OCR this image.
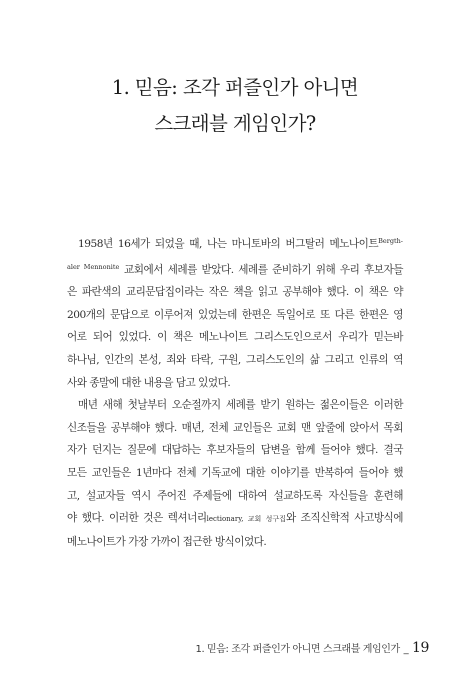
1. 믿음: 조각 퍼즐인가 아니면
스크래블 게임인가?
1958년 16세가 되었을 때, 나는 마니토바의 버그탈러 메노나이트$^{Bergth-}$
$^{aler Mennonite}$ 교회에서 세례를 받았다. 세례를 준비하기 위해 우리 후보자들
은 파란색의 교리문답집이라는 작은 책을 읽고 공부해야 했다. 이 책은 약
200개의 문답으로 이루어져 있었는데 한편은 독일어로 또 다른 한편은 영
어로 되어 있었다. 이 책은 메노나이트 그리스도인으로서 우리가 믿는바
하나님, 인간의 본성, 죄와 타락, 구원, 그리스도인의 삶 그리고 인류의 역
사와 종말에 대한 내용을 담고 있었다.
매년 새해 첫날부터 오순절까지 세례를 받기 원하는 젊은이들은 이러한
신조들을 공부해야 했다. 매년, 전체 교인들은 교회 맨 앞줄에 앉아서 목회
자가 던지는 질문에 대답하는 후보자들의 답변을 함께 들어야 했다. 결국
모든 교인들은 1년마다 전체 기독교에 대한 이야기를 반복하여 들어야 했
고, 설교자들 역시 주어진 주제들에 대하여 설교하도록 자신들을 훈련해
야 했다. 이러한 것은 렉셔너리lectionary, 교회 성구집와 조직신학적 사고방식에
메노나이트가 가장 가까이 접근한 방식이었다.
1. 믿음: 조각 퍼즐인가 아니면 스크래블 게임인가 _ 19
